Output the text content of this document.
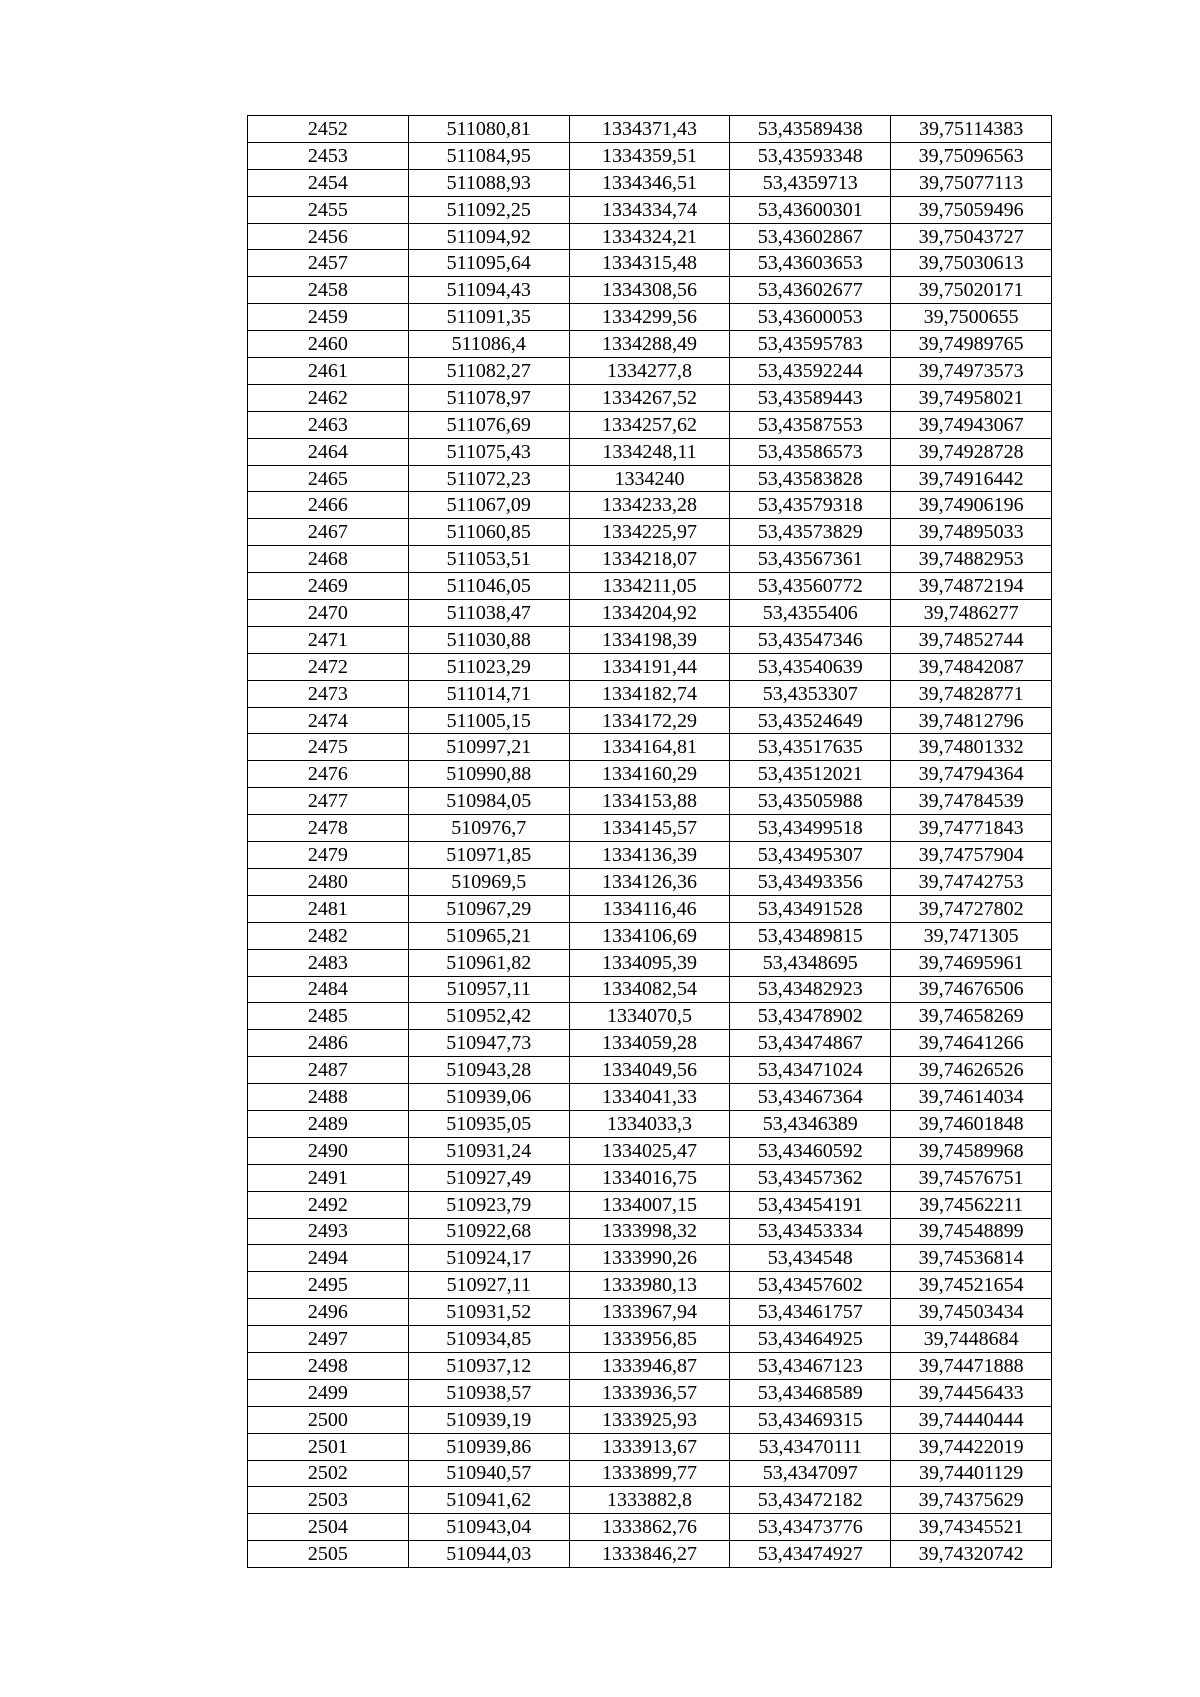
2452	511080,81	1334371,43	53,43589438	39,75114383
2453	511084,95	1334359,51	53,43593348	39,75096563
2454	511088,93	1334346,51	53,4359713	39,75077113
2455	511092,25	1334334,74	53,43600301	39,75059496
2456	511094,92	1334324,21	53,43602867	39,75043727
2457	511095,64	1334315,48	53,43603653	39,75030613
2458	511094,43	1334308,56	53,43602677	39,75020171
2459	511091,35	1334299,56	53,43600053	39,7500655
2460	511086,4	1334288,49	53,43595783	39,74989765
2461	511082,27	1334277,8	53,43592244	39,74973573
2462	511078,97	1334267,52	53,43589443	39,74958021
2463	511076,69	1334257,62	53,43587553	39,74943067
2464	511075,43	1334248,11	53,43586573	39,74928728
2465	511072,23	1334240	53,43583828	39,74916442
2466	511067,09	1334233,28	53,43579318	39,74906196
2467	511060,85	1334225,97	53,43573829	39,74895033
2468	511053,51	1334218,07	53,43567361	39,74882953
2469	511046,05	1334211,05	53,43560772	39,74872194
2470	511038,47	1334204,92	53,4355406	39,7486277
2471	511030,88	1334198,39	53,43547346	39,74852744
2472	511023,29	1334191,44	53,43540639	39,74842087
2473	511014,71	1334182,74	53,4353307	39,74828771
2474	511005,15	1334172,29	53,43524649	39,74812796
2475	510997,21	1334164,81	53,43517635	39,74801332
2476	510990,88	1334160,29	53,43512021	39,74794364
2477	510984,05	1334153,88	53,43505988	39,74784539
2478	510976,7	1334145,57	53,43499518	39,74771843
2479	510971,85	1334136,39	53,43495307	39,74757904
2480	510969,5	1334126,36	53,43493356	39,74742753
2481	510967,29	1334116,46	53,43491528	39,74727802
2482	510965,21	1334106,69	53,43489815	39,7471305
2483	510961,82	1334095,39	53,4348695	39,74695961
2484	510957,11	1334082,54	53,43482923	39,74676506
2485	510952,42	1334070,5	53,43478902	39,74658269
2486	510947,73	1334059,28	53,43474867	39,74641266
2487	510943,28	1334049,56	53,43471024	39,74626526
2488	510939,06	1334041,33	53,43467364	39,74614034
2489	510935,05	1334033,3	53,4346389	39,74601848
2490	510931,24	1334025,47	53,43460592	39,74589968
2491	510927,49	1334016,75	53,43457362	39,74576751
2492	510923,79	1334007,15	53,43454191	39,74562211
2493	510922,68	1333998,32	53,43453334	39,74548899
2494	510924,17	1333990,26	53,434548	39,74536814
2495	510927,11	1333980,13	53,43457602	39,74521654
2496	510931,52	1333967,94	53,43461757	39,74503434
2497	510934,85	1333956,85	53,43464925	39,7448684
2498	510937,12	1333946,87	53,43467123	39,74471888
2499	510938,57	1333936,57	53,43468589	39,74456433
2500	510939,19	1333925,93	53,43469315	39,74440444
2501	510939,86	1333913,67	53,43470111	39,74422019
2502	510940,57	1333899,77	53,4347097	39,74401129
2503	510941,62	1333882,8	53,43472182	39,74375629
2504	510943,04	1333862,76	53,43473776	39,74345521
2505	510944,03	1333846,27	53,43474927	39,74320742
